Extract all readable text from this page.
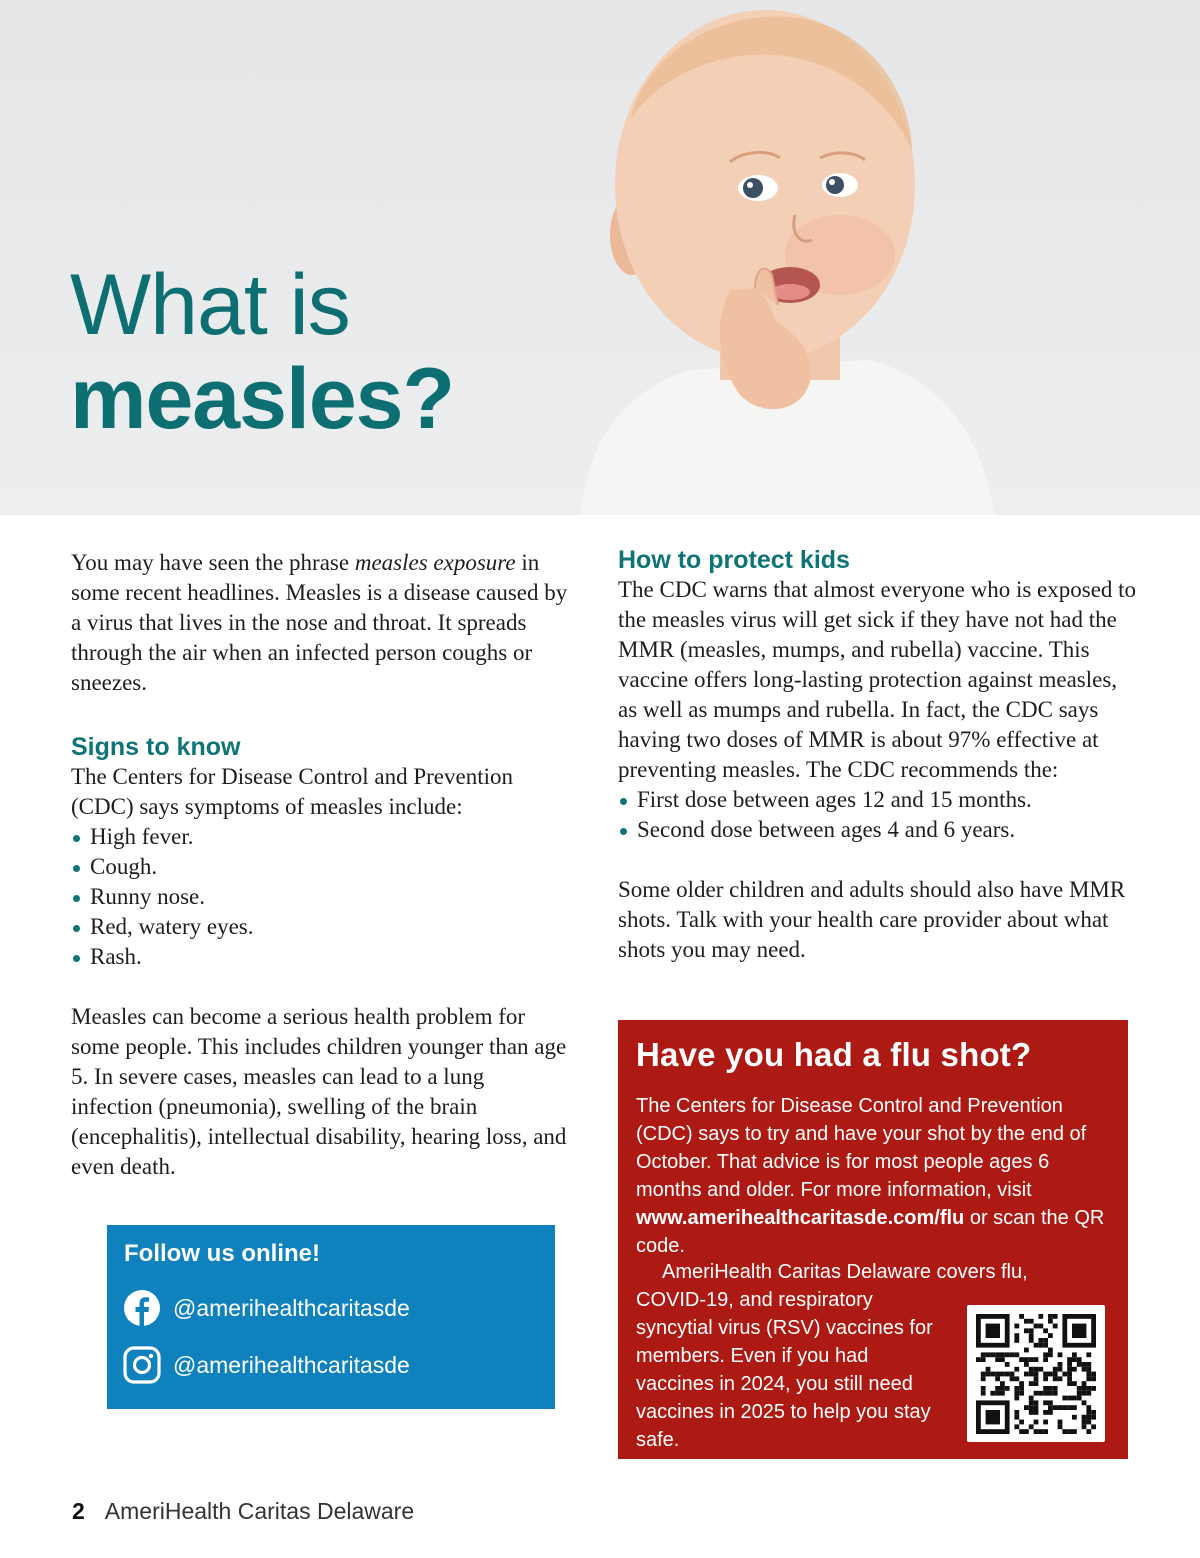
What is
measles?

You may have seen the phrase measles exposure in some recent headlines. Measles is a disease caused by a virus that lives in the nose and throat. It spreads through the air when an infected person coughs or sneezes.

Signs to know

The Centers for Disease Control and Prevention (CDC) says symptoms of measles include:

High fever.
Cough.
Runny nose.
Red, watery eyes.
Rash.

Measles can become a serious health problem for some people. This includes children younger than age 5. In severe cases, measles can lead to a lung infection (pneumonia), swelling of the brain (encephalitis), intellectual disability, hearing loss, and even death.

Follow us online!
@amerihealthcaritasde
@amerihealthcaritasde
How to protect kids

The CDC warns that almost everyone who is exposed to the measles virus will get sick if they have not had the MMR (measles, mumps, and rubella) vaccine. This vaccine offers long-lasting protection against measles, as well as mumps and rubella. In fact, the CDC says having two doses of MMR is about 97% effective at preventing measles. The CDC recommends the:

First dose between ages 12 and 15 months.
Second dose between ages 4 and 6 years.

Some older children and adults should also have MMR shots. Talk with your health care provider about what shots you may need.

Have you had a flu shot?
The Centers for Disease Control and Prevention (CDC) says to try and have your shot by the end of October. That advice is for most people ages 6 months and older. For more information, visit www.amerihealthcaritasde.com/flu or scan the QR code.
AmeriHealth Caritas Delaware covers flu,
COVID-19, and respiratory syncytial virus (RSV) vaccines for members. Even if you had vaccines in 2024, you still need vaccines in 2025 to help you stay safe.
2 AmeriHealth Caritas Delaware
